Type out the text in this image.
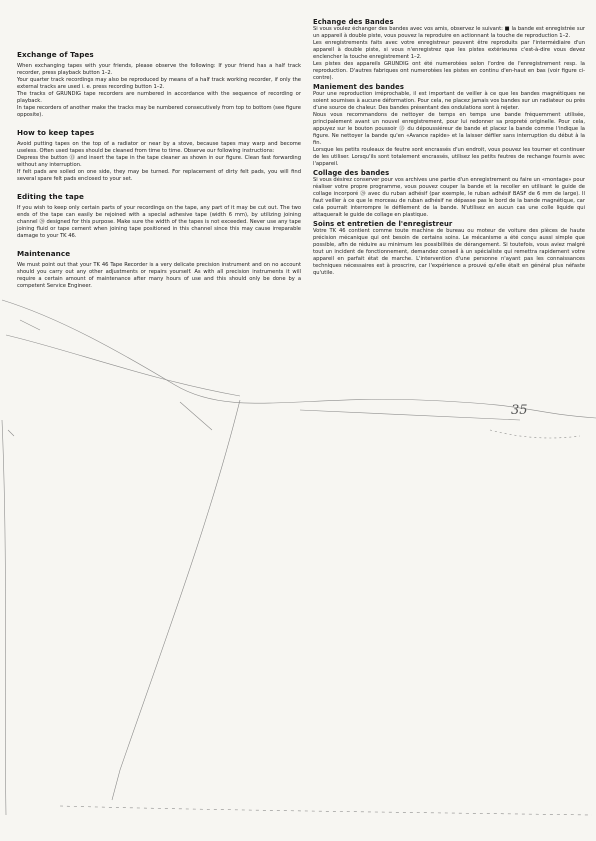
Exchange of Tapes

When exchanging tapes with your friends, please observe the following: If your friend has a half track recorder, press playback button 1–2.

Your quarter track recordings may also be reproduced by means of a half track working recorder, if only the external tracks are used i. e. press recording button 1–2.

The tracks of GRUNDIG tape recorders are numbered in accordance with the sequence of recording or playback.

In tape recorders of another make the tracks may be numbered consecutively from top to bottom (see figure opposite).

How to keep tapes

Avoid putting tapes on the top of a radiator or near by a stove, because tapes may warp and become useless. Often used tapes should be cleaned from time to time. Observe our following instructions:

Depress the button ⑬ and insert the tape in the tape cleaner as shown in our figure. Clean fast forwarding without any interruption.

If felt pads are soiled on one side, they may be turned. For replacement of dirty felt pads, you will find several spare felt pads enclosed to your set.

Editing the tape

If you wish to keep only certain parts of your recordings on the tape, any part of it may be cut out. The two ends of the tape can easily be rejoined with a special adhesive tape (width 6 mm), by utilizing joining channel ⑳ designed for this purpose. Make sure the width of the tapes is not exceeded. Never use any tape joining fluid or tape cement when joining tape positioned in this channel since this may cause irreparable damage to your TK 46.

Maintenance

We must point out that your TK 46 Tape Recorder is a very delicate precision instrument and on no account should you carry out any other adjustments or repairs yourself. As with all precision instruments it will require a certain amount of maintenance after many hours of use and this should only be done by a competent Service Engineer.

Echange des Bandes

Si vous voulez échanger des bandes avec vos amis, observez le suivant: ■ la bande est enregistrée sur un appareil à double piste, vous pouvez la reproduire en actionnant la touche de reproduction 1–2.

Les enregistrements faits avec votre enregistreur peuvent être reproduits par l'intermédiaire d'un appareil à double piste, si vous n'enregistrez que les pistes extérieures c'est-à-dire vous devez enclencher la touche enregistrement 1–2.

Les pistes des appareils GRUNDIG ont été numerotées selon l'ordre de l'enregistrement resp. la reproduction. D'autres fabriques ont numerotées les pistes en continu d'en-haut en bas (voir figure ci-contre).

Maniement des bandes

Pour une reproduction irréprochable, il est important de veiller à ce que les bandes magnétiques ne soient soumises à aucune déformation. Pour cela, ne placez jamais vos bandes sur un radiateur ou près d'une source de chaleur. Des bandes présentant des ondulations sont à rejeter.

Nous vous recommandons de nettoyer de temps en temps une bande fréquemment utilisée, principalement avant un nouvel enregistrement, pour lui redonner sa propreté originelle. Pour cela, appuyez sur le bouton poussoir ⑬ du dépoussiéreur de bande et placez la bande comme l'indique la figure. Ne nettoyer la bande qu'en «Avance rapide» et la laisser défiler sans interruption du début à la fin.

Lorsque les petits rouleaux de feutre sont encrassés d'un endroit, vous pouvez les tourner et continuer de les utiliser. Lorsqu'ils sont totalement encrassés, utilisez les petits feutres de rechange fournis avec l'appareil.

Collage des bandes

Si vous désirez conserver pour vos archives une partie d'un enregistrement ou faire un «montage» pour réaliser votre propre programme, vous pouvez couper la bande et la recoller en utilisant le guide de collage incorporé ⑳ avec du ruban adhésif (par exemple, le ruban adhésif BASF de 6 mm de large). Il faut veiller à ce que le morceau de ruban adhésif ne dépasse pas le bord de la bande magnétique, car cela pourrait interrompre le défilement de la bande. N'utilisez en aucun cas une colle liquide qui attaquerait le guide de collage en plastique.

Soins et entretien de l'enregistreur

Votre TK 46 contient comme toute machine de bureau ou moteur de voiture des pièces de haute précision mécanique qui ont besoin de certains soins. Le mécanisme a été conçu aussi simple que possible, afin de réduire au minimum les possibilités de dérangement. Si toutefois, vous aviez malgré tout un incident de fonctionnement, demandez conseil à un spécialiste qui remettra rapidement votre appareil en parfait état de marche. L'intervention d'une personne n'ayant pas les connaissances techniques nécessaires est à proscrire, car l'expérience a prouvé qu'elle était en général plus néfaste qu'utile.

35
